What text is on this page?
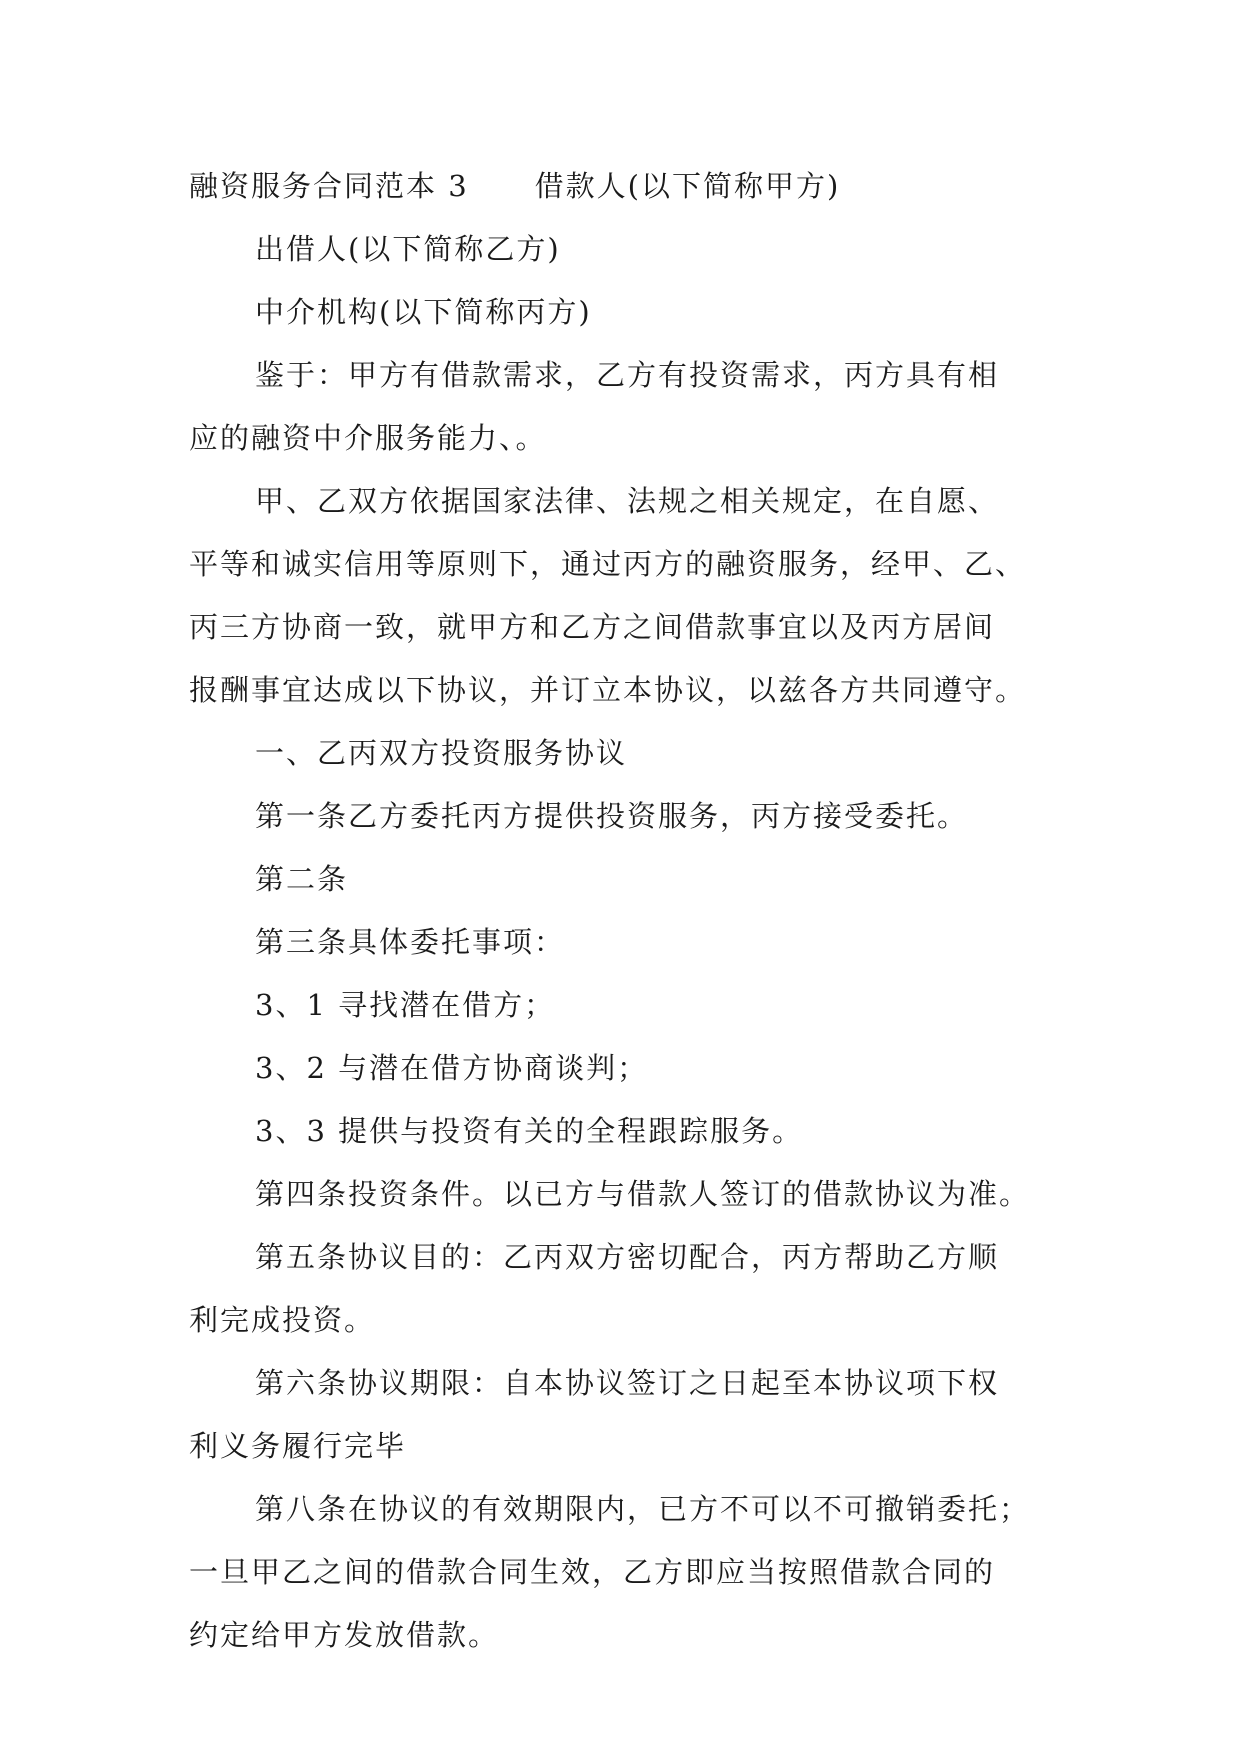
融资服务合同范本 3 借款人(以下简称甲方)
出借人(以下简称乙方)
中介机构(以下简称丙方)
鉴于：甲方有借款需求，乙方有投资需求，丙方具有相
应的融资中介服务能力、。
甲、乙双方依据国家法律、法规之相关规定，在自愿、
平等和诚实信用等原则下，通过丙方的融资服务，经甲、乙、
丙三方协商一致，就甲方和乙方之间借款事宜以及丙方居间
报酬事宜达成以下协议，并订立本协议，以兹各方共同遵守。
一、乙丙双方投资服务协议
第一条乙方委托丙方提供投资服务，丙方接受委托。
第二条
第三条具体委托事项：
3、1 寻找潜在借方；
3、2 与潜在借方协商谈判；
3、3 提供与投资有关的全程跟踪服务。
第四条投资条件。以已方与借款人签订的借款协议为准。
第五条协议目的：乙丙双方密切配合，丙方帮助乙方顺
利完成投资。
第六条协议期限：自本协议签订之日起至本协议项下权
利义务履行完毕
第八条在协议的有效期限内，已方不可以不可撤销委托；
一旦甲乙之间的借款合同生效，乙方即应当按照借款合同的
约定给甲方发放借款。
